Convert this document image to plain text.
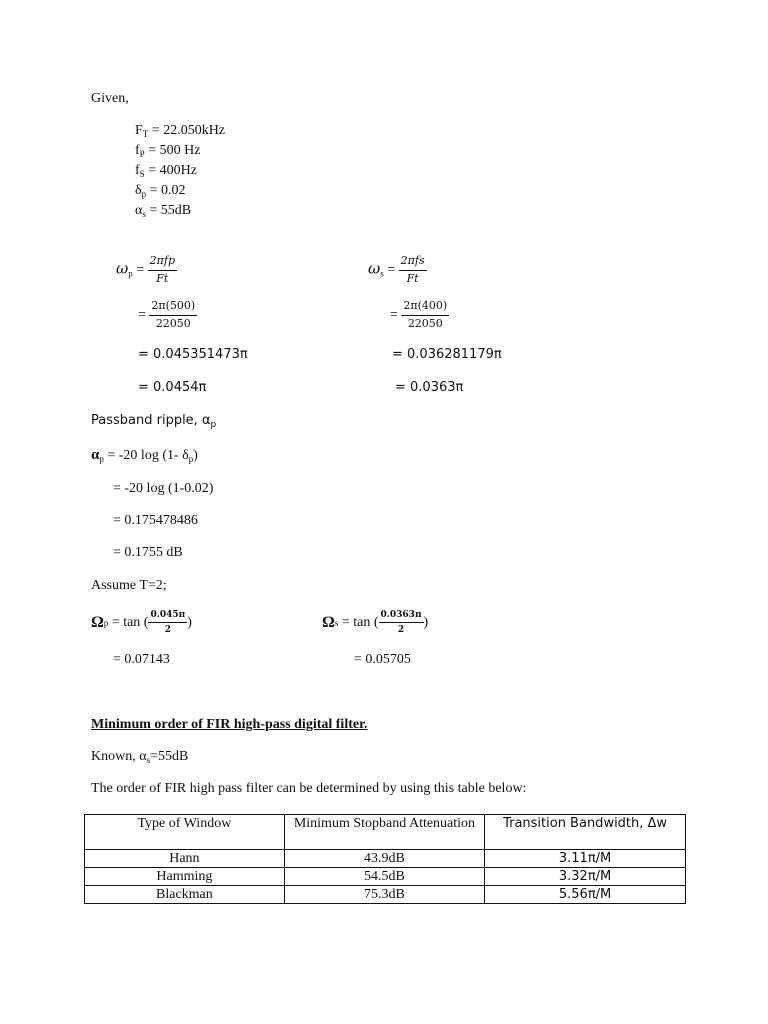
Given,
$F_T = 22.050kHz$
$f_P = 500$ Hz
$f_S = 400Hz$
$\delta_p = 0.02$
$\alpha_s = 55dB$
$\omega_p = \frac{\text{2πfp}}{Ft}$
= $\frac{2\pi(500)}{22050}$
= 0.045351473π
= 0.0454π
$\omega_s = \frac{\text{2πfs}}{Ft}$
= $\frac{2\pi(400)}{22050}$
= 0.036281179π
= 0.0363π
Passband ripple, $\alpha_p$
$\alpha_p = -20$ log (1- $\delta_p$)
= -20 log (1-0.02)
= 0.175478486
= 0.1755 dB
Assume T=2;
Ω p = tan ( $\frac{0.045\pi}{2}$ )
= 0.07143
Ω s = tan ( $\frac{0.0363\pi}{2}$ )
= 0.05705
Minimum order of FIR high-pass digital filter.
Known, $\alpha_s=55dB$
The order of FIR high pass filter can be determined by using this table below:
Type of Window	Minimum Stopband Attenuation	Transition Bandwidth, Δw
Hann	43.9dB	3.11π/M
Hamming	54.5dB	3.32π/M
Blackman	75.3dB	5.56π/M
